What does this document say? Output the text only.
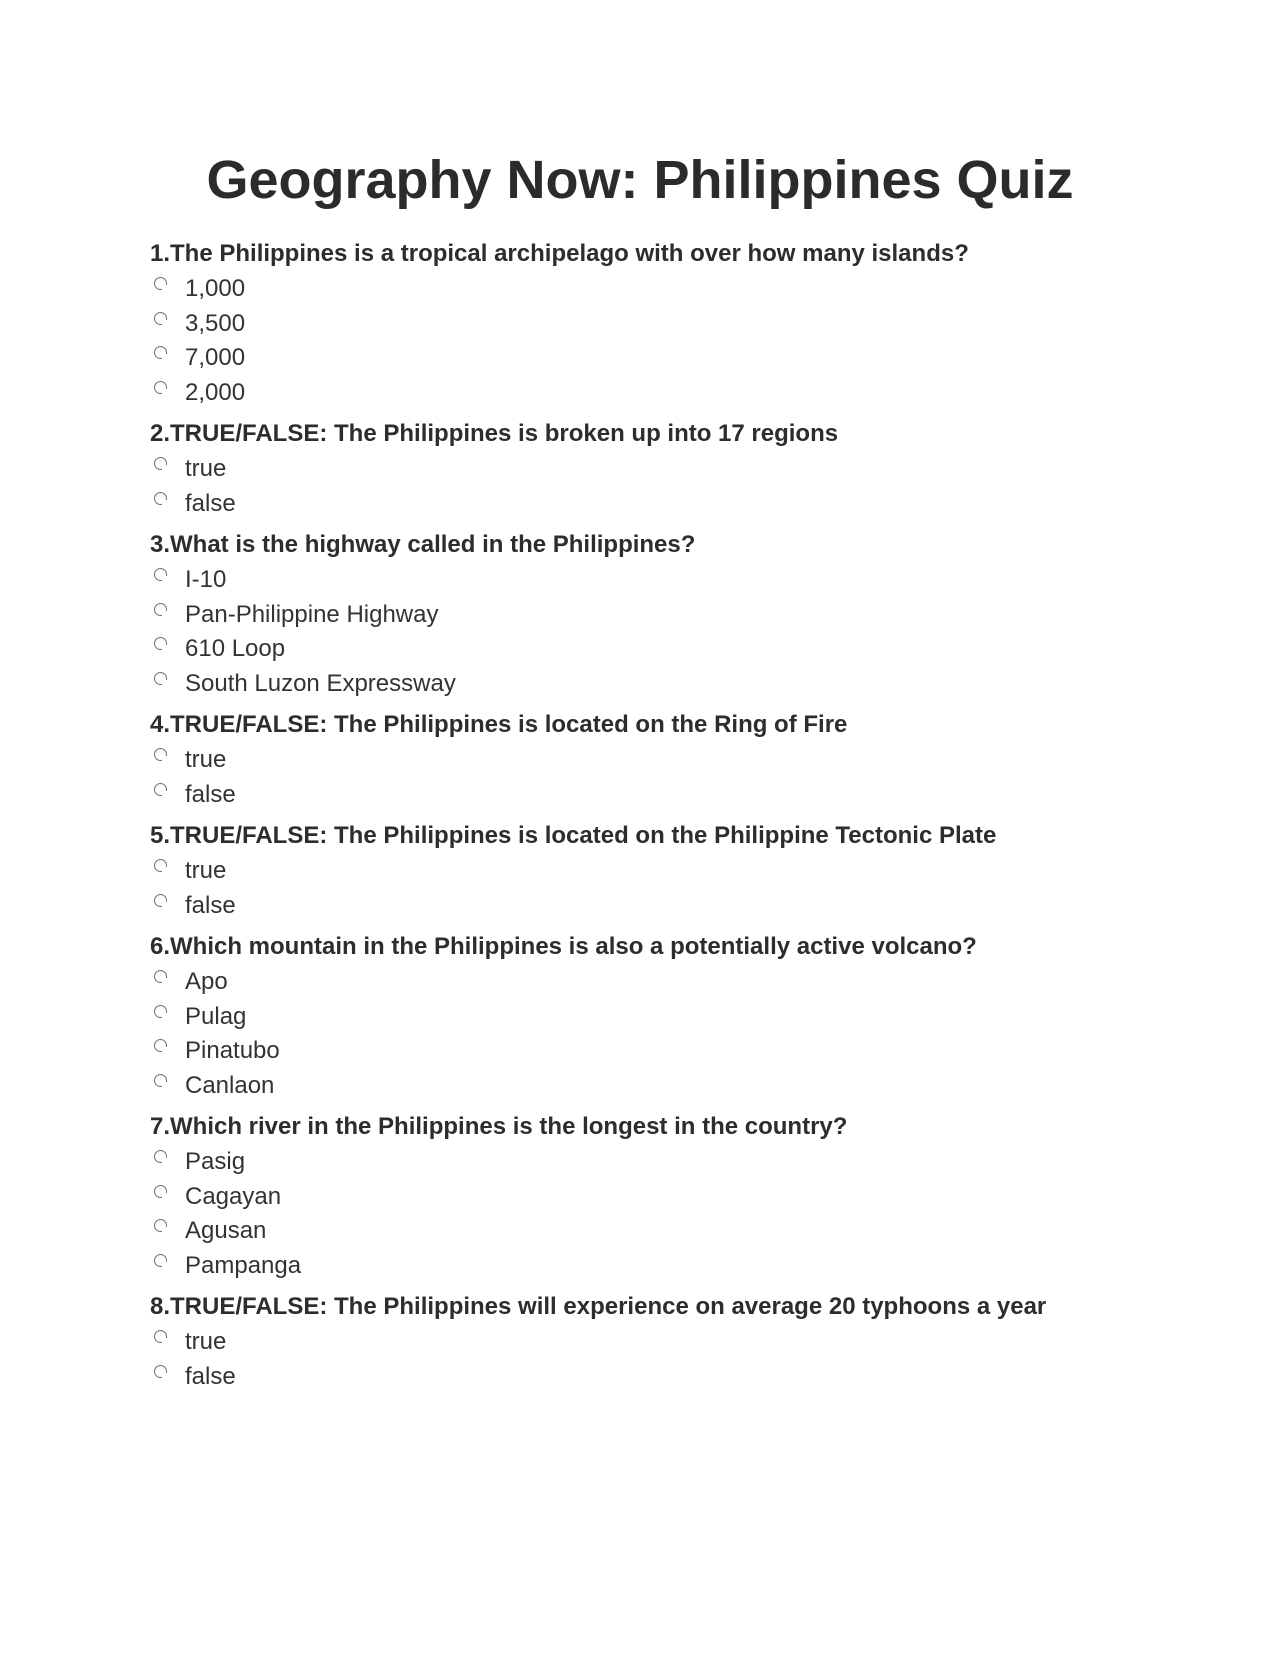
Geography Now: Philippines Quiz
1.The Philippines is a tropical archipelago with over how many islands?
1,000
3,500
7,000
2,000
2.TRUE/FALSE: The Philippines is broken up into 17 regions
true
false
3.What is the highway called in the Philippines?
I-10
Pan-Philippine Highway
610 Loop
South Luzon Expressway
4.TRUE/FALSE: The Philippines is located on the Ring of Fire
true
false
5.TRUE/FALSE: The Philippines is located on the Philippine Tectonic Plate
true
false
6.Which mountain in the Philippines is also a potentially active volcano?
Apo
Pulag
Pinatubo
Canlaon
7.Which river in the Philippines is the longest in the country?
Pasig
Cagayan
Agusan
Pampanga
8.TRUE/FALSE: The Philippines will experience on average 20 typhoons a year
true
false
